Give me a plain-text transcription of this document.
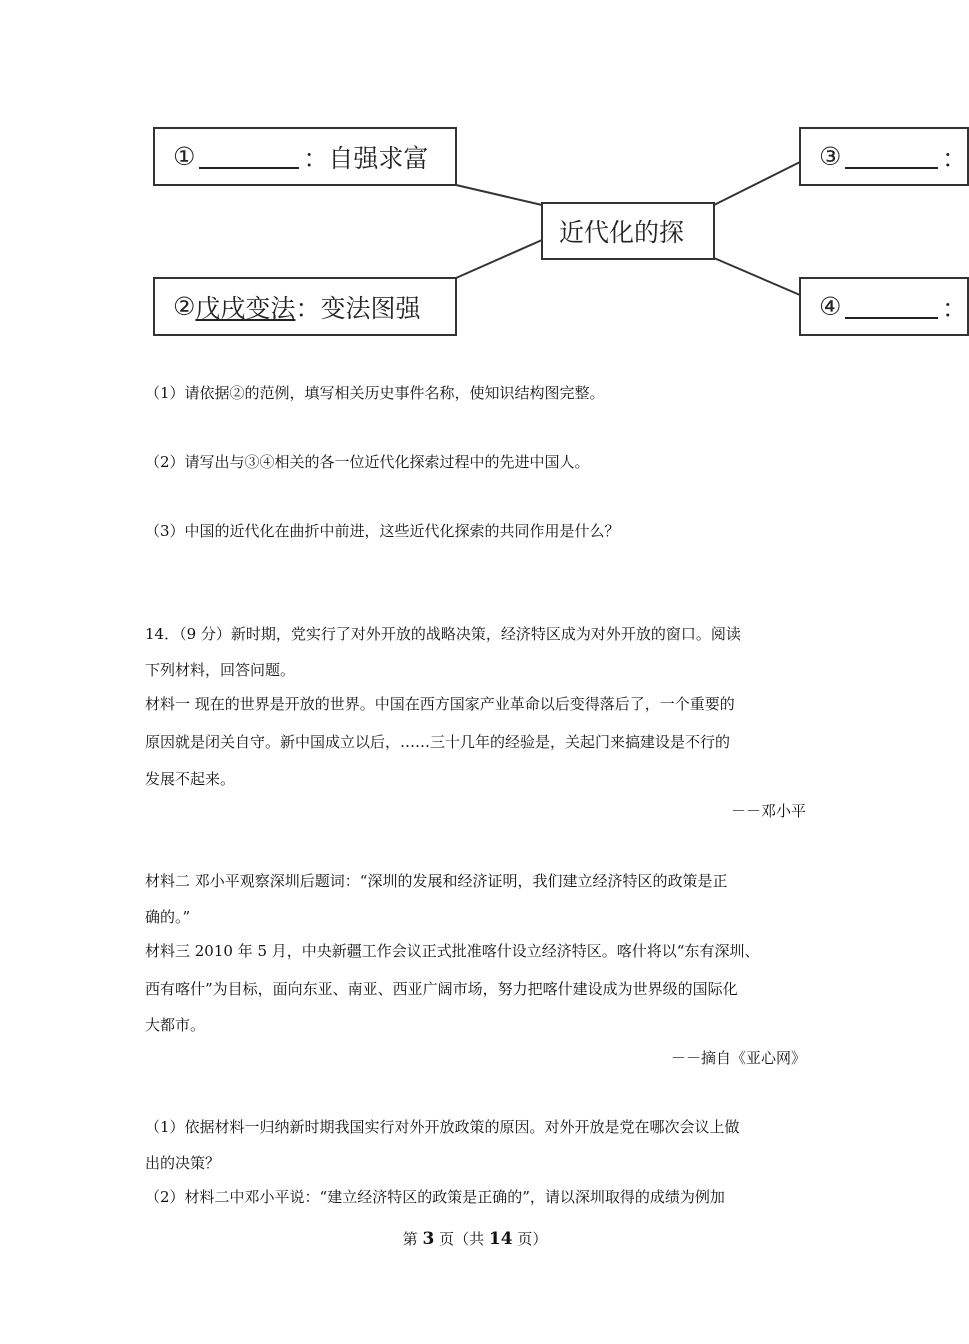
①	：自强求富
② 戊戌变法 ：变法图强
近代化的探
③	：
④	：
（1）请依据②的范例，填写相关历史事件名称，使知识结构图完整。
（2）请写出与③④相关的各一位近代化探索过程中的先进中国人。
（3）中国的近代化在曲折中前进，这些近代化探索的共同作用是什么？
14．（9 分）新时期，党实行了对外开放的战略决策，经济特区成为对外开放的窗口。阅读
下列材料，回答问题。
材料一 现在的世界是开放的世界。中国在西方国家产业革命以后变得落后了，一个重要的
原因就是闭关自守。新中国成立以后，……三十几年的经验是，关起门来搞建设是不行的
发展不起来。
－－邓小平
材料二 邓小平观察深圳后题词：“深圳的发展和经济证明，我们建立经济特区的政策是正
确的。”
材料三 2010 年 5 月，中央新疆工作会议正式批准喀什设立经济特区。喀什将以“东有深圳、
西有喀什”为目标，面向东亚、南亚、西亚广阔市场，努力把喀什建设成为世界级的国际化
大都市。
－－摘自《亚心网》
（1）依据材料一归纳新时期我国实行对外开放政策的原因。对外开放是党在哪次会议上做
出的决策？
（2）材料二中邓小平说：“建立经济特区的政策是正确的”，请以深圳取得的成绩为例加
第 3 页（共 14 页）
